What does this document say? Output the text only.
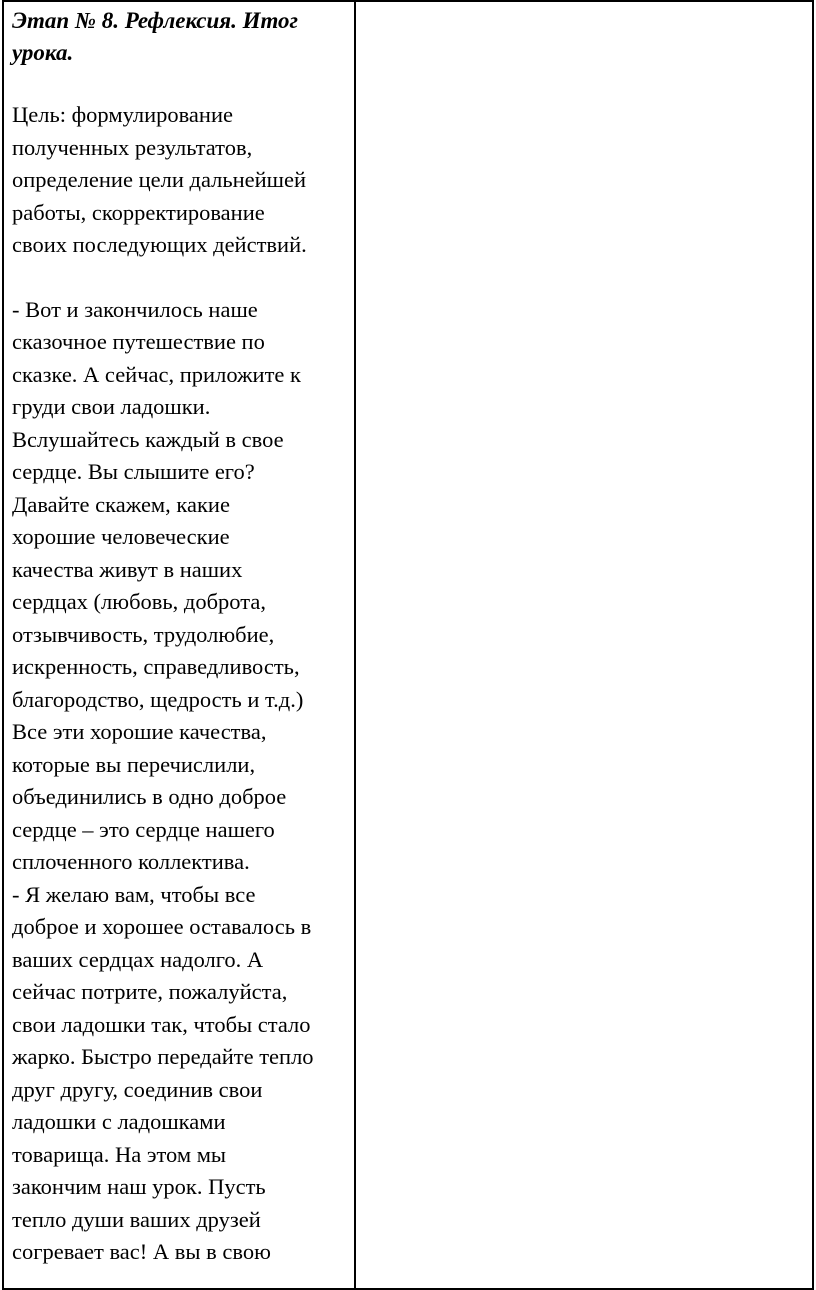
Этап № 8. Рефлексия. Итог
урока.

Цель: формулирование
полученных результатов,
определение цели дальнейшей
работы, скорректирование
своих последующих действий.

- Вот и закончилось наше
сказочное путешествие по
сказке. А сейчас, приложите к
груди свои ладошки.
Вслушайтесь каждый в свое
сердце. Вы слышите его?
Давайте скажем, какие
хорошие человеческие
качества живут в наших
сердцах (любовь, доброта,
отзывчивость, трудолюбие,
искренность, справедливость,
благородство, щедрость и т.д.)
Все эти хорошие качества,
которые вы перечислили,
объединились в одно доброе
сердце – это сердце нашего
сплоченного коллектива.

- Я желаю вам, чтобы все
доброе и хорошее оставалось в
ваших сердцах надолго. А
сейчас потрите, пожалуйста,
свои ладошки так, чтобы стало
жарко. Быстро передайте тепло
друг другу, соединив свои
ладошки с ладошками
товарища. На этом мы
закончим наш урок. Пусть
тепло души ваших друзей
согревает вас! А вы в свою
